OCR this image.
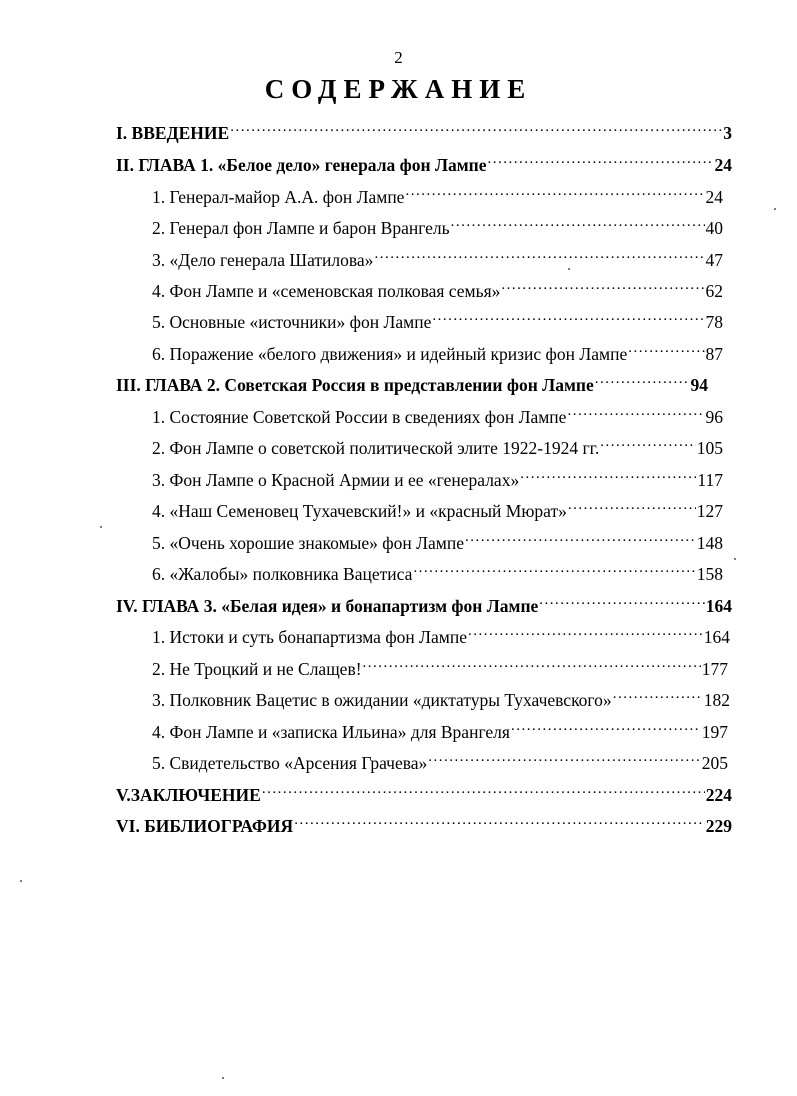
2
СОДЕРЖАНИЕ
I. ВВЕДЕНИЕ .....	3
II. ГЛАВА 1. «Белое дело» генерала фон Лампе .....	24
1. Генерал-майор А.А. фон Лампе .....	24
2. Генерал фон Лампе и барон Врангель .....	40
3. «Дело генерала Шатилова» .....	47
4. Фон Лампе и «семеновская полковая семья» .....	62
5. Основные «источники» фон Лампе .....	78
6. Поражение «белого движения» и идейный кризис фон Лампе .....	87
III. ГЛАВА 2. Советская Россия в представлении фон Лампе .....	94
1. Состояние Советской России в сведениях фон Лампе .....	96
2. Фон Лампе о советской политической элите 1922-1924 гг. .....	105
3. Фон Лампе о Красной Армии и ее «генералах» .....	117
4. «Наш Семеновец Тухачевский!» и «красный Мюрат» .....	127
5. «Очень хорошие знакомые» фон Лампе .....	148
6. «Жалобы» полковника Вацетиса .....	158
IV. ГЛАВА 3. «Белая идея» и бонапартизм фон Лампе .....	164
1. Истоки и суть бонапартизма фон Лампе .....	164
2. Не Троцкий и не Слащев! .....	177
3. Полковник Вацетис в ожидании «диктатуры Тухачевского» .....	182
4. Фон Лампе и «записка Ильина» для Врангеля .....	197
5. Свидетельство «Арсения Грачева» .....	205
V.ЗАКЛЮЧЕНИЕ .....	224
VI. БИБЛИОГРАФИЯ .....	229
